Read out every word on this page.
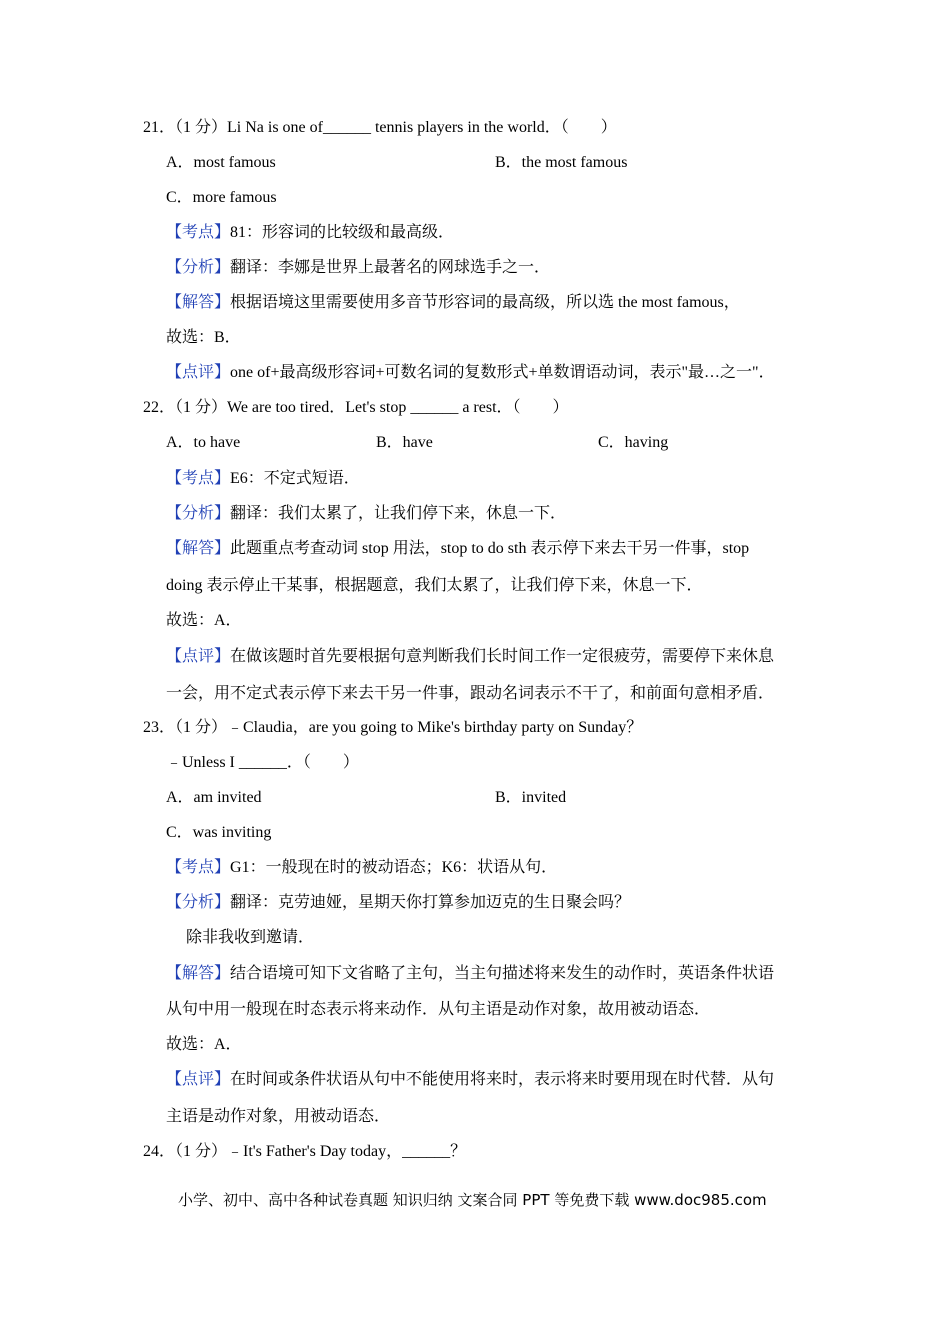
21．（1 分）Li Na is one of______ tennis players in the world．（　　）
A．most famous	B．the most famous
C．more famous
【考点】81：形容词的比较级和最高级．
【分析】翻译：李娜是世界上最著名的网球选手之一．
【解答】根据语境这里需要使用多音节形容词的最高级，所以选 the most famous，
故选：B．
【点评】one of+最高级形容词+可数名词的复数形式+单数谓语动词，表示"最…之一"．
22．（1 分）We are too tired．Let's stop ______ a rest．（　　）
A．to have	B．have	C．having
【考点】E6：不定式短语．
【分析】翻译：我们太累了，让我们停下来，休息一下．
【解答】此题重点考查动词 stop 用法，stop to do sth 表示停下来去干另一件事，stop
doing 表示停止干某事，根据题意，我们太累了，让我们停下来，休息一下．
故选：A．
【点评】在做该题时首先要根据句意判断我们长时间工作一定很疲劳，需要停下来休息
一会，用不定式表示停下来去干另一件事，跟动名词表示不干了，和前面句意相矛盾．
23．（1 分）﹣Claudia，are you going to Mike's birthday party on Sunday？
﹣Unless I ______．（　　）
A．am invited	B．invited
C．was inviting
【考点】G1：一般现在时的被动语态；K6：状语从句．
【分析】翻译：克劳迪娅，星期天你打算参加迈克的生日聚会吗？
除非我收到邀请．
【解答】结合语境可知下文省略了主句，当主句描述将来发生的动作时，英语条件状语
从句中用一般现在时态表示将来动作．从句主语是动作对象，故用被动语态．
故选：A．
【点评】在时间或条件状语从句中不能使用将来时，表示将来时要用现在时代替．从句
主语是动作对象，用被动语态．
24．（1 分）﹣It's Father's Day today，______？
小学、初中、高中各种试卷真题 知识归纳 文案合同 PPT 等免费下载 www.doc985.com
